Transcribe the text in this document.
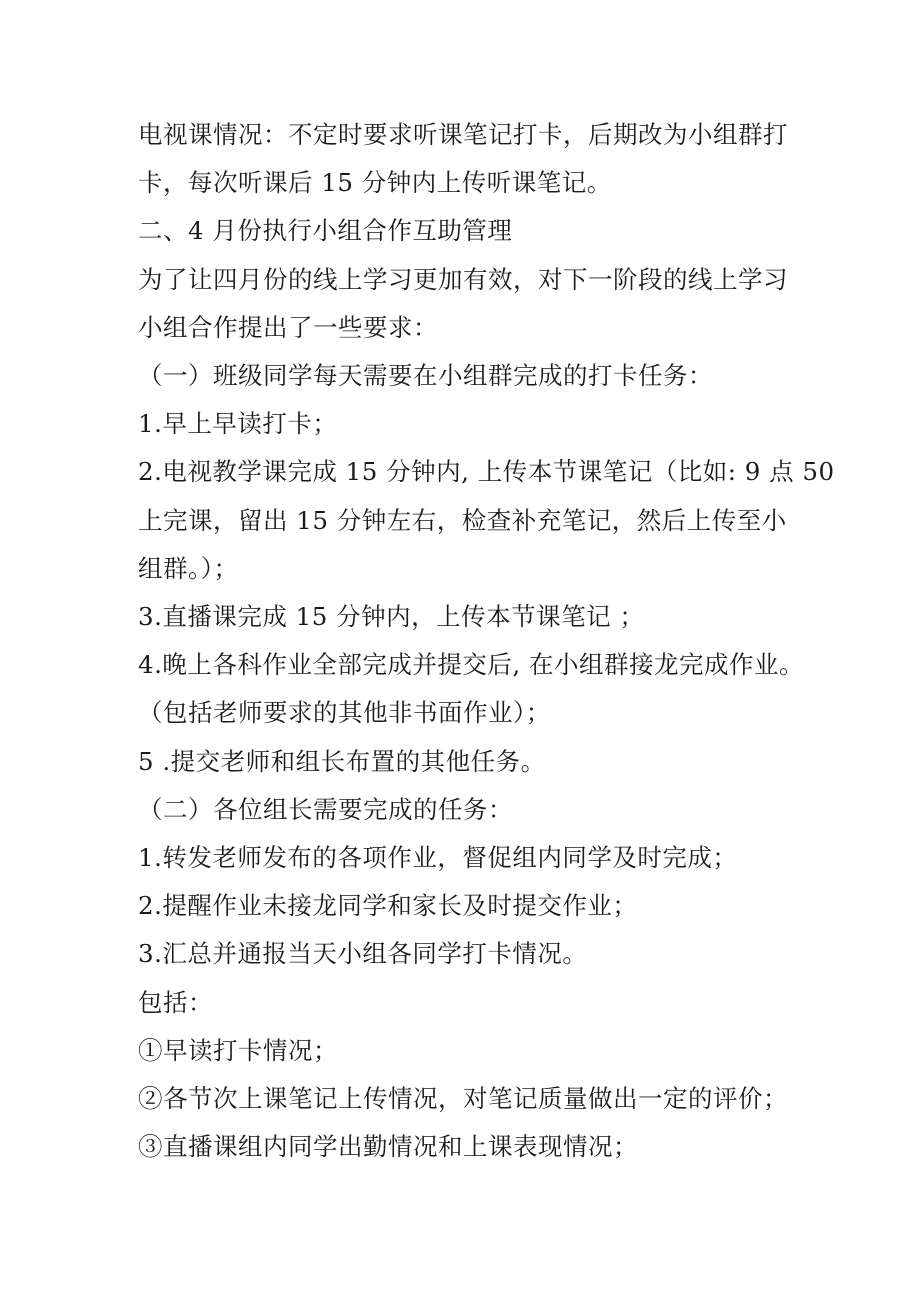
电视课情况：不定时要求听课笔记打卡，后期改为小组群打
卡，每次听课后 15 分钟内上传听课笔记。
二、4 月份执行小组合作互助管理
为了让四月份的线上学习更加有效，对下一阶段的线上学习
小组合作提出了一些要求：
（一）班级同学每天需要在小组群完成的打卡任务：
1.早上早读打卡；
2.电视教学课完成 15 分钟内, 上传本节课笔记（比如: 9 点 50
上完课，留出 15 分钟左右，检查补充笔记，然后上传至小
组群。）；
3.直播课完成 15 分钟内，上传本节课笔记 ；
4.晚上各科作业全部完成并提交后, 在小组群接龙完成作业。
（包括老师要求的其他非书面作业）；
5 .提交老师和组长布置的其他任务。
（二）各位组长需要完成的任务：
1.转发老师发布的各项作业，督促组内同学及时完成；
2.提醒作业未接龙同学和家长及时提交作业；
3.汇总并通报当天小组各同学打卡情况。
包括：
①早读打卡情况；
②各节次上课笔记上传情况，对笔记质量做出一定的评价；
③直播课组内同学出勤情况和上课表现情况；
